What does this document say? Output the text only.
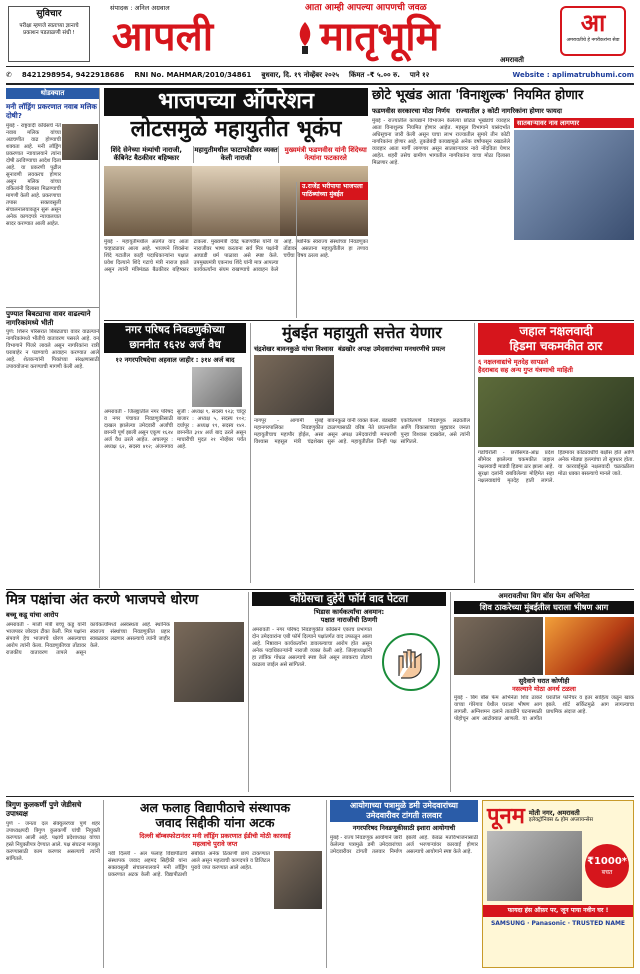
सुविचार
परीक्षा म्हणजे स्वतःच्या ज्ञानाचे प्रकाशन पडताळणी संधी !
संपादक : अनिल अग्रवाल	आता आम्ही आपल्या आपणची जवळ
आपली	मातृभूमि	अमरावती
आ
अमरावतीचे हे नगरीकरांना सेवा
✆ 8421298954, 9422918686 RNI No. MAHMAR/2010/34861 बुधवार, दि. १९ नोव्हेंबर २०२५ किंमत -₹ ५.०० रु. पाने १२	Website : aplimatrubhumi.com
थोडक्यात
मनी लॉड्रिंग प्रकरणात नवाब मलिक दोषी?
मुंबई - राष्ट्रवादी काँग्रेसचे नेते नवाब मलिक यांच्या अडचणीत वाढ होण्याची शक्यता आहे. मनी लॉड्रिंग प्रकरणात न्यायालयाने त्यांना दोषी ठरविण्याचा आदेश दिला आहे. या प्रकरणी पुढील सुनावणी लवकरच होणार असून मलिक यांच्या वकिलांनी दिलासा मिळण्याची मागणी केली आहे. प्रकरणाचा तपास सक्तवसुली संचालनालयाकडून सुरू असून अनेक कागदपत्रे न्यायालयात सादर करण्यात आली आहेत.
पुण्यात बिबट्याचा वावर वाढल्याने नागरिकांमध्ये भीती
पुणे: शिरूर परिसरात बिबट्याचा वावर वाढल्याने नागरिकांमध्ये भीतीचे वातावरण पसरले आहे. वन विभागाने पिंजरे लावले असून नागरिकांना रात्री घराबाहेर न पडण्याचे आवाहन करण्यात आले आहे. शेतकऱ्यांनी पिकांच्या संरक्षणासाठी उपाययोजना करण्याची मागणी केली आहे.
भाजपच्या ऑपरेशन
लोटसमुळे महायुतीत भूकंप
शिंदे सेनेच्या मंत्र्यांची नाराजी, कॅबिनेट बैठकीवर बहिष्कार
महायुतीमधील फाटाफोडीवर व्यक्त केली नाराजी
मुख्यमंत्री फडणवीस यांनी शिंदेच्या नेत्यांना फटकारले
मुंबई - महायुतीमधील अंतर्गत वाद आता चव्हाट्यावर आला आहे. भाजपने शिवसेना शिंदे गटातील काही पदाधिकाऱ्यांना पक्षात प्रवेश दिल्याने शिंदे गटाचे मंत्री नाराज झाले असून त्यांनी मंत्रिमंडळ बैठकीवर बहिष्कार टाकला. मुख्यमंत्री देवेंद्र फडणवीस यांनी या नाराजीवर भाष्य करताना सर्व मित्र पक्षांनी आघाडी धर्म पाळावा असे स्पष्ट केले. उपमुख्यमंत्री एकनाथ शिंदे यांनी मात्र आपल्या कार्यकर्त्यांना संयम राखण्याचे आवाहन केले आहे. स्थानिक स्वराज्य संस्थांच्या निवडणुका तोंडावर असताना महायुतीतील हा तणाव चर्चेचा विषय ठरला आहे.
उ.राजेंद्र भरीपाया भाजपला पाठिंब्यांच्या मुंबईत
छोटे भूखंड आता 'विनाशुल्क' नियमित होणार
फडणवीस सरकारचा मोठा निर्णय राज्यातील ३ कोटी नागरिकांना होणार फायदा
मुंबई - राज्यातील कायद्याने विभाजन केलेल्या छोट्या भूखंडांचे व्यवहार आता विनाशुल्क नियमित होणार आहेत. महसूल विभागाने यासंदर्भात अधिसूचना जारी केली असून याचा लाभ राज्यातील सुमारे तीन कोटी नागरिकांना होणार आहे. तुकडेबंदी कायद्यामुळे अनेक वर्षांपासून रखडलेले व्यवहार आता मार्गी लागणार असून सातबाऱ्यावर नावे नोंदविता येणार आहेत. शहरी तसेच ग्रामीण भागातील नागरिकांना याचा मोठा दिलासा मिळणार आहे.
सातबाऱ्यावर नाव लागणार
नगर परिषद निवडणुकीच्या
छाननीत १६२४ अर्ज वैध
१२ नगरपरिषदेचा अहवाल जाहीर : ३१४ अर्ज बाद
अमरावती - जिल्ह्यातील नगर परिषद व नगर पंचायत निवडणुकीसाठी दाखल झालेल्या उमेदवारी अर्जांची छाननी पूर्ण झाली असून एकूण १६२४ अर्ज वैध ठरले आहेत. अचलपूर : अध्यक्ष ६२, सदस्य ४१२; अंजनगाव सुर्जी : अध्यक्ष ९, सदस्य १२३; चांदूर बाजार : अध्यक्ष ५, सदस्य १०२; दर्यापूर : अध्यक्ष ११, सदस्य १४२. छाननीत ३१४ अर्ज बाद ठरले असून माघारीची मुदत २१ नोव्हेंबर पर्यंत आहे.
मुंबईत महायुती सत्तेत येणार
चंद्रशेखर बावनकुळे यांचा विश्वास बंडखोर अपक्ष उमेदवारांच्या मनधरणीचे प्रयत्न
नागपूर - आगामी मुंबई महानगरपालिका निवडणुकीत महायुतीचाच महापौर होईल, असा विश्वास महसूल मंत्री चंद्रशेखर बावनकुळे यांनी व्यक्त केला. बंडखोरी टाळण्यासाठी वरिष्ठ नेते प्रयत्नशील असून अपक्ष उमेदवारांची मनधरणी सुरू आहे. महायुतीतील तिन्ही पक्ष एकत्रितपणे निवडणूक लढवतील आणि विकासाच्या मुद्द्यावर जनता पुन्हा विश्वास दाखवेल, असे त्यांनी सांगितले.
जहाल नक्षलवादी
हिडमा चकमकीत ठार
६ नक्षलवाद्यांचे मृतदेह सापडले
हैदराबाद सह अन्य गुप्त यंत्रणाची माहिती
गडचिरोली - छत्तीसगड-आंध्र प्रदेश सीमेवर झालेल्या चकमकीत जहाल नक्षलवादी माडवी हिडमा ठार झाला आहे. सुरक्षा दलांनी राबविलेल्या मोहिमेत सहा नक्षलवाद्यांचे मृतदेह हाती लागले. हिडमावर कोट्यवधींचे बक्षीस होते आणि अनेक मोठ्या हल्ल्यांचा तो सूत्रधार होता. या कारवाईमुळे नक्षलवादी चळवळीला मोठा धक्का बसल्याचे मानले जाते.
मित्र पक्षांचा अंत करणे भाजपचे धोरण
बच्चू कडू यांचा आरोप
अमरावती - माजी मंत्री बच्चू कडू यांनी भाजपवर जोरदार टीका केली. मित्र पक्षांना संपवणे हेच भाजपचे धोरण असल्याचा आरोप त्यांनी केला. निवडणुकीच्या तोंडावर राजकीय वातावरण तापले असून कार्यकर्त्यांमध्ये अस्वस्थता आहे. स्थानिक स्वराज्य संस्थांच्या निवडणुकीत प्रहार स्वबळावर लढणार असल्याचे त्यांनी जाहीर केले.
काँग्रेसचा दुहेरी फॉर्म वाद पेटला
भिडास कार्यकर्त्यांचा अवमान:
पक्षात नाराजीची ठिणगी
अमरावती - नगर परिषद निवडणुकीत काँग्रेसने एकाच प्रभागात दोन उमेदवारांना एबी फॉर्म दिल्याने पक्षांतर्गत वाद उफाळून आला आहे. निष्ठावान कार्यकर्त्यांना डावलल्याचा आरोप होत असून अनेक पदाधिकाऱ्यांनी नाराजी व्यक्त केली आहे. जिल्हाध्यक्षांनी हा तांत्रिक गोंधळ असल्याचे स्पष्ट केले असून लवकरच तोडगा काढला जाईल असे सांगितले.
अमरावतीचा विग बॉस फेम अभिनेता
शिव ठाकरेच्या मुंबईतील घराला भीषण आग
सुदैवाने घरात कोणीही
नसल्याने मोठा अनर्थ टळला
मुंबई - बिग बॉस फेम अभिनेता शिव ठाकरे याच्या गोरेगाव येथील घराला भीषण आग लागली. अग्निशमन दलाने तातडीने घटनास्थळी पोहोचून आग आटोक्यात आणली. या आगीत घरातील फर्निचर व इतर साहित्य जळून खाक झाले. शॉर्ट सर्किटमुळे आग लागल्याचा प्राथमिक अंदाज आहे.
त्रिगुण कुलकर्णी पुणे जेडीसचे उपाध्यक्ष
पुणे - जनता दल सेक्युलरच्या पुणे शहर उपाध्यक्षपदी त्रिगुण कुलकर्णी यांची नियुक्ती करण्यात आली आहे. पक्षाचे प्रदेशाध्यक्ष यांच्या हस्ते नियुक्तीपत्र देण्यात आले. पक्ष संघटना मजबूत करण्यासाठी काम करणार असल्याचे त्यांनी सांगितले.
अल फलाह विद्यापीठाचे संस्थापक
जवाद सिद्दीकी यांना अटक
दिल्ली बॉम्बस्फोटानंतर मनी लाँड्रिंग प्रकरणात ईडीची मोठी कारवाई
महत्वाचे पुरावे जप्त
नवी दिल्ली - अल फलाह विद्यापीठाचे संस्थापक जवाद अहमद सिद्दीकी यांना सक्तवसुली संचालनालयाने मनी लाँड्रिंग प्रकरणात अटक केली आहे. विद्यापीठाशी संबंधित अनेक ठिकाणी छापे टाकण्यात आले असून महत्वाची कागदपत्रे व डिजिटल पुरावे जप्त करण्यात आले आहेत.
आयोगाच्या पत्रामुळे डमी उमेदवारांच्या
उमेदवारीवर टांगती तलवार
नगरपरिषद निवडणूकीसाठी इशारा आयोगाची
मुंबई - राज्य निवडणूक आयोगाने जारी केलेल्या पत्रामुळे डमी उमेदवारांच्या उमेदवारीवर टांगती तलवार निर्माण झाली आहे. केवळ मतविभाजनासाठी अर्ज भरणाऱ्यांवर कारवाई होणार असल्याचे आयोगाने स्पष्ट केले आहे.
पूनम मोती नगर, अमरावती
इलेक्ट्रॉनिक्स & होम अप्लायन्सेस
₹1000*
बचत
फायदा हंस ऑफ़र पर, जून पाया नवीन घर !
SAMSUNG · Panasonic · TRUSTED NAME
